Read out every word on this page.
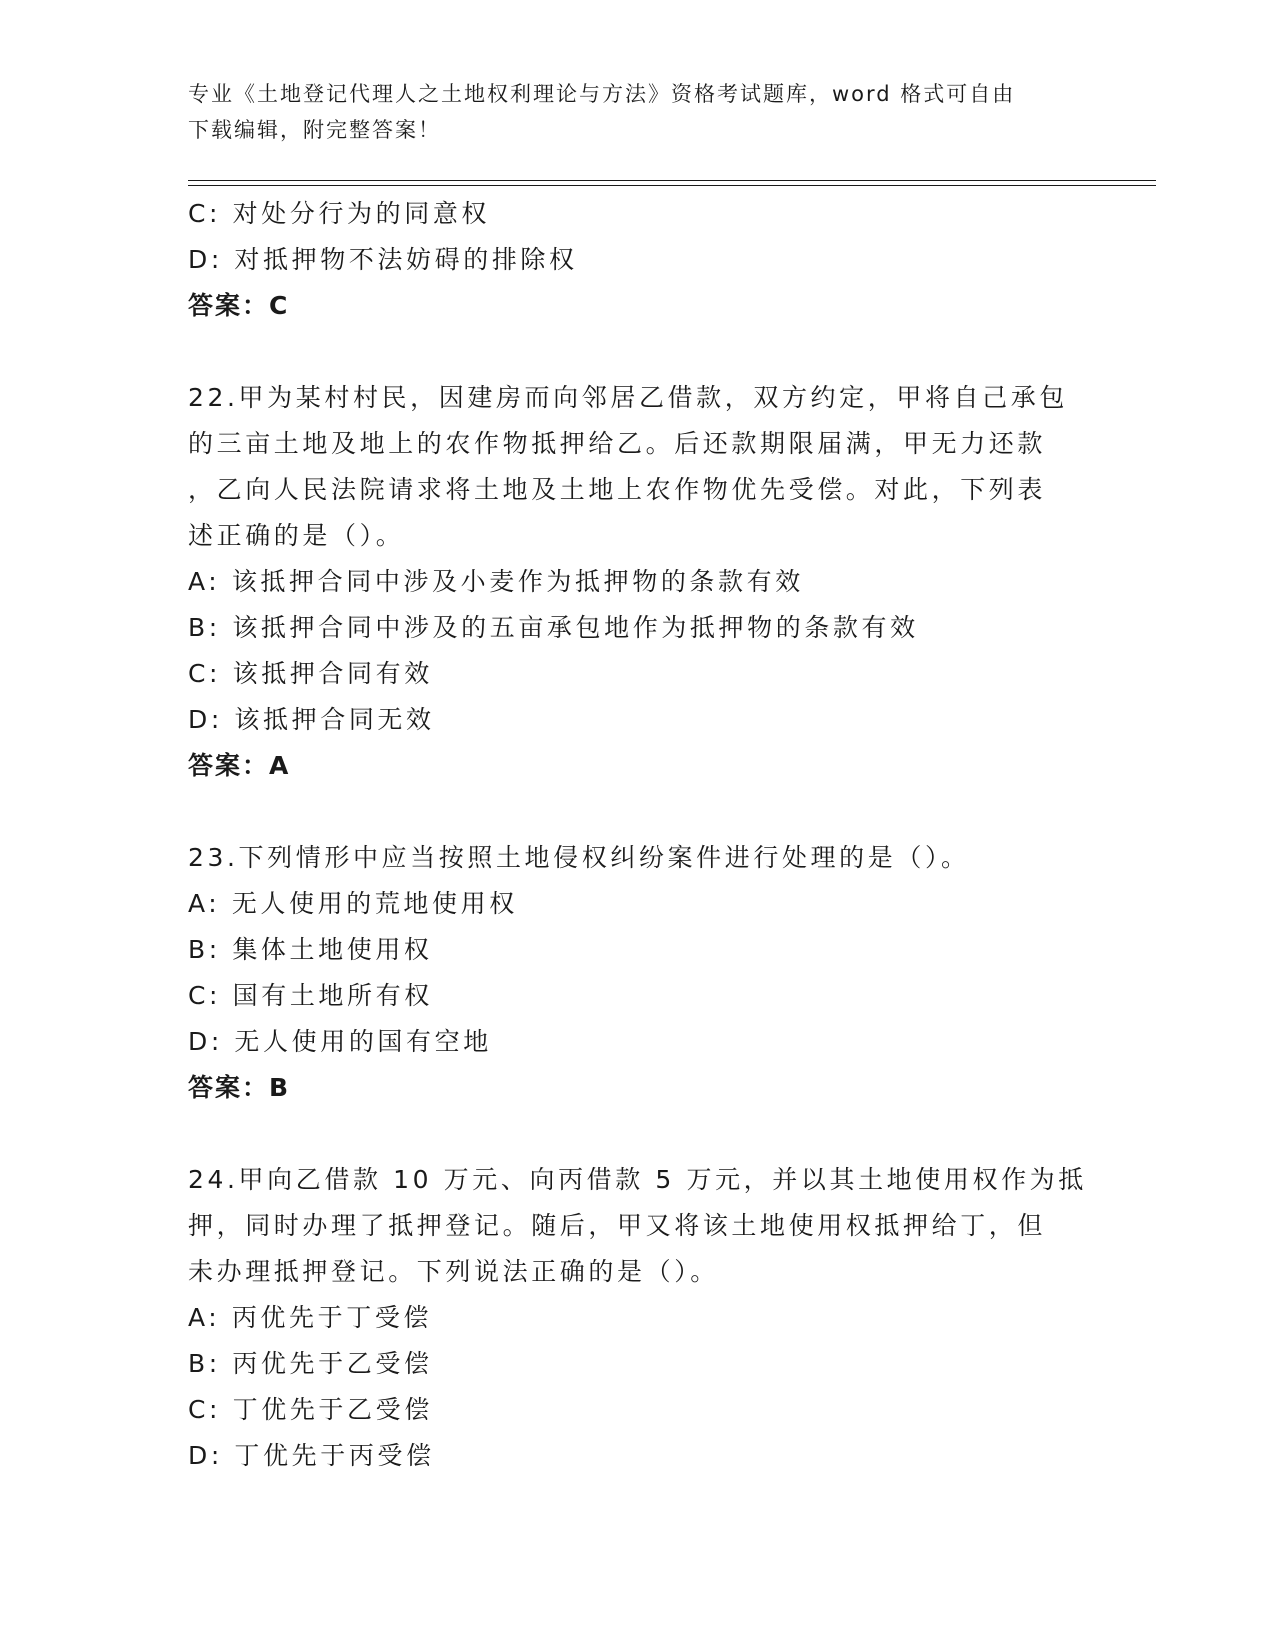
专业《土地登记代理人之土地权利理论与方法》资格考试题库，word 格式可自由
下载编辑，附完整答案！
C: 对处分行为的同意权
D: 对抵押物不法妨碍的排除权
答案：C
22.甲为某村村民，因建房而向邻居乙借款，双方约定，甲将自己承包
的三亩土地及地上的农作物抵押给乙。后还款期限届满，甲无力还款
，乙向人民法院请求将土地及土地上农作物优先受偿。对此，下列表
述正确的是（）。
A: 该抵押合同中涉及小麦作为抵押物的条款有效
B: 该抵押合同中涉及的五亩承包地作为抵押物的条款有效
C: 该抵押合同有效
D: 该抵押合同无效
答案：A
23.下列情形中应当按照土地侵权纠纷案件进行处理的是（）。
A: 无人使用的荒地使用权
B: 集体土地使用权
C: 国有土地所有权
D: 无人使用的国有空地
答案：B
24.甲向乙借款 10 万元、向丙借款 5 万元，并以其土地使用权作为抵
押，同时办理了抵押登记。随后，甲又将该土地使用权抵押给丁，但
未办理抵押登记。下列说法正确的是（）。
A: 丙优先于丁受偿
B: 丙优先于乙受偿
C: 丁优先于乙受偿
D: 丁优先于丙受偿
